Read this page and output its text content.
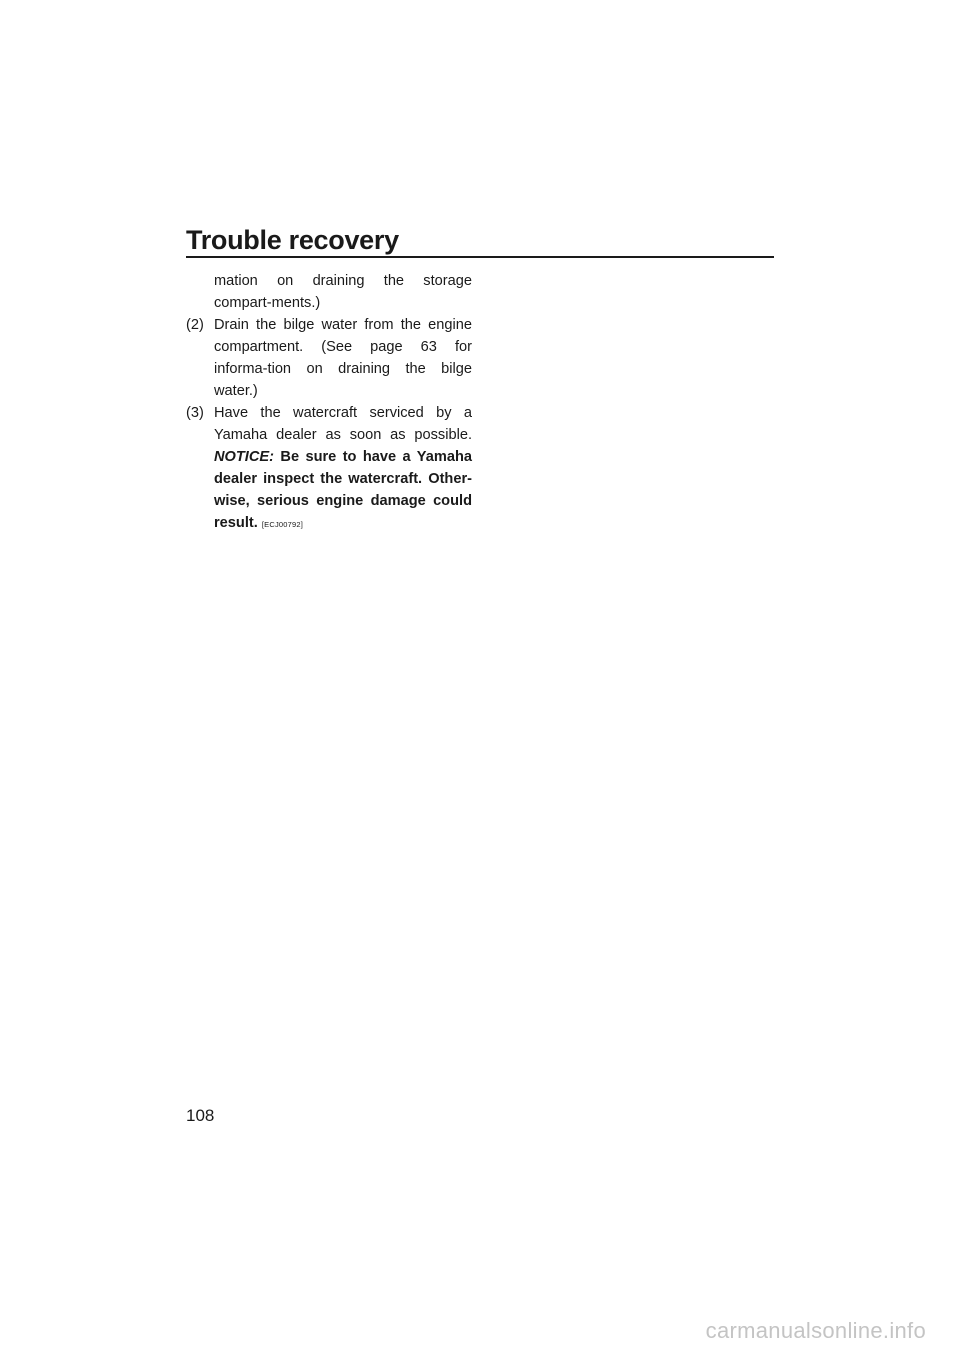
Trouble recovery
mation on draining the storage compart-ments.)
(2) Drain the bilge water from the engine compartment. (See page 63 for informa-tion on draining the bilge water.)
(3) Have the watercraft serviced by a Yamaha dealer as soon as possible. NOTICE: Be sure to have a Yamaha dealer inspect the watercraft. Other-wise, serious engine damage could result. [ECJ00792]
108
carmanualsonline.info
